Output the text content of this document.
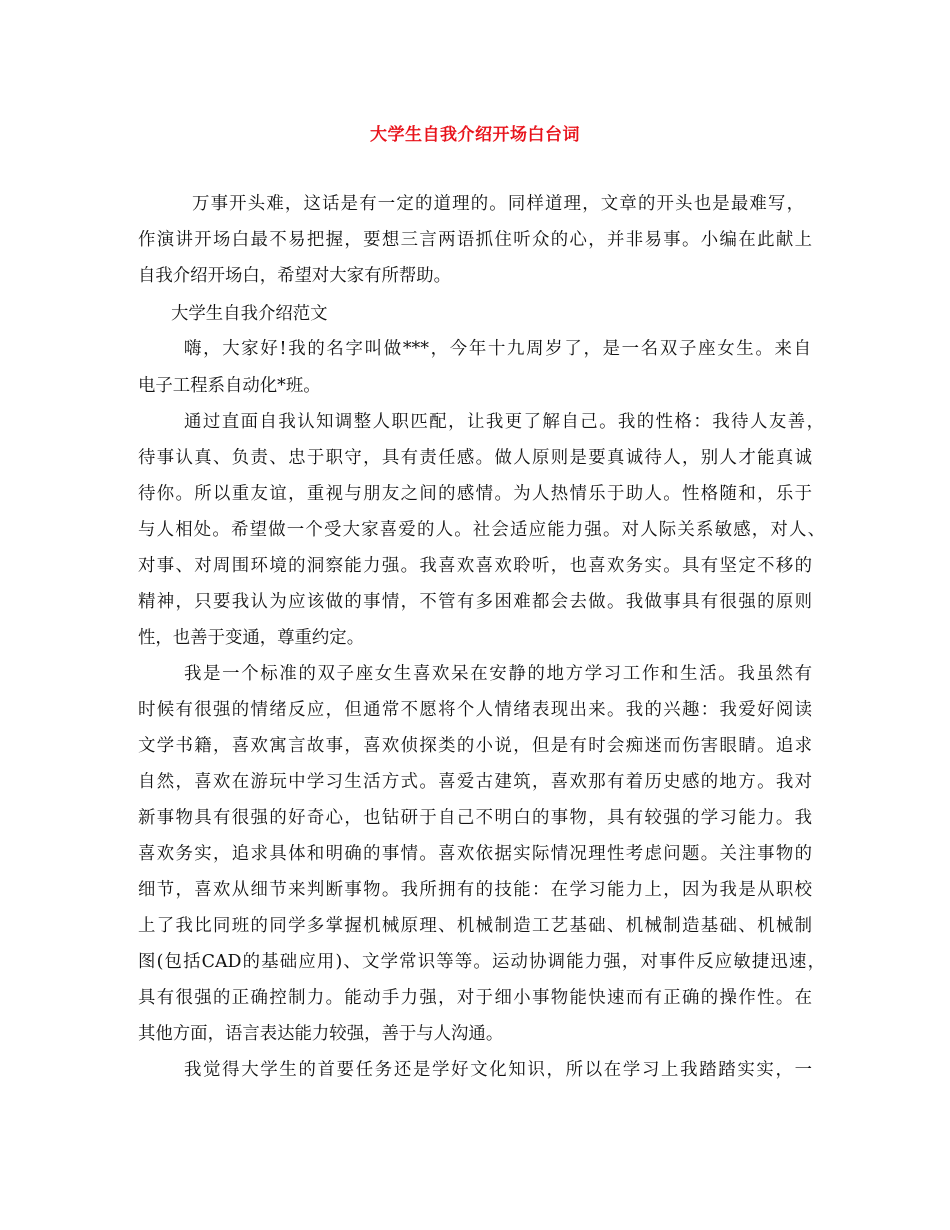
大学生自我介绍开场白台词
万事开头难，这话是有一定的道理的。同样道理，文章的开头也是最难写，
作演讲开场白最不易把握，要想三言两语抓住听众的心，并非易事。小编在此献上
自我介绍开场白，希望对大家有所帮助。
大学生自我介绍范文
嗨，大家好!我的名字叫做***，今年十九周岁了，是一名双子座女生。来自
电子工程系自动化*班。
通过直面自我认知调整人职匹配，让我更了解自己。我的性格：我待人友善，
待事认真、负责、忠于职守，具有责任感。做人原则是要真诚待人，别人才能真诚
待你。所以重友谊，重视与朋友之间的感情。为人热情乐于助人。性格随和，乐于
与人相处。希望做一个受大家喜爱的人。社会适应能力强。对人际关系敏感，对人、
对事、对周围环境的洞察能力强。我喜欢喜欢聆听，也喜欢务实。具有坚定不移的
精神，只要我认为应该做的事情，不管有多困难都会去做。我做事具有很强的原则
性，也善于变通，尊重约定。
我是一个标准的双子座女生喜欢呆在安静的地方学习工作和生活。我虽然有
时候有很强的情绪反应，但通常不愿将个人情绪表现出来。我的兴趣：我爱好阅读
文学书籍，喜欢寓言故事，喜欢侦探类的小说，但是有时会痴迷而伤害眼睛。追求
自然，喜欢在游玩中学习生活方式。喜爱古建筑，喜欢那有着历史感的地方。我对
新事物具有很强的好奇心，也钻研于自己不明白的事物，具有较强的学习能力。我
喜欢务实，追求具体和明确的事情。喜欢依据实际情况理性考虑问题。关注事物的
细节，喜欢从细节来判断事物。我所拥有的技能：在学习能力上，因为我是从职校
上了我比同班的同学多掌握机械原理、机械制造工艺基础、机械制造基础、机械制
图(包括CAD的基础应用)、文学常识等等。运动协调能力强，对事件反应敏捷迅速，
具有很强的正确控制力。能动手力强，对于细小事物能快速而有正确的操作性。在
其他方面，语言表达能力较强，善于与人沟通。
我觉得大学生的首要任务还是学好文化知识，所以在学习上我踏踏实实，一
